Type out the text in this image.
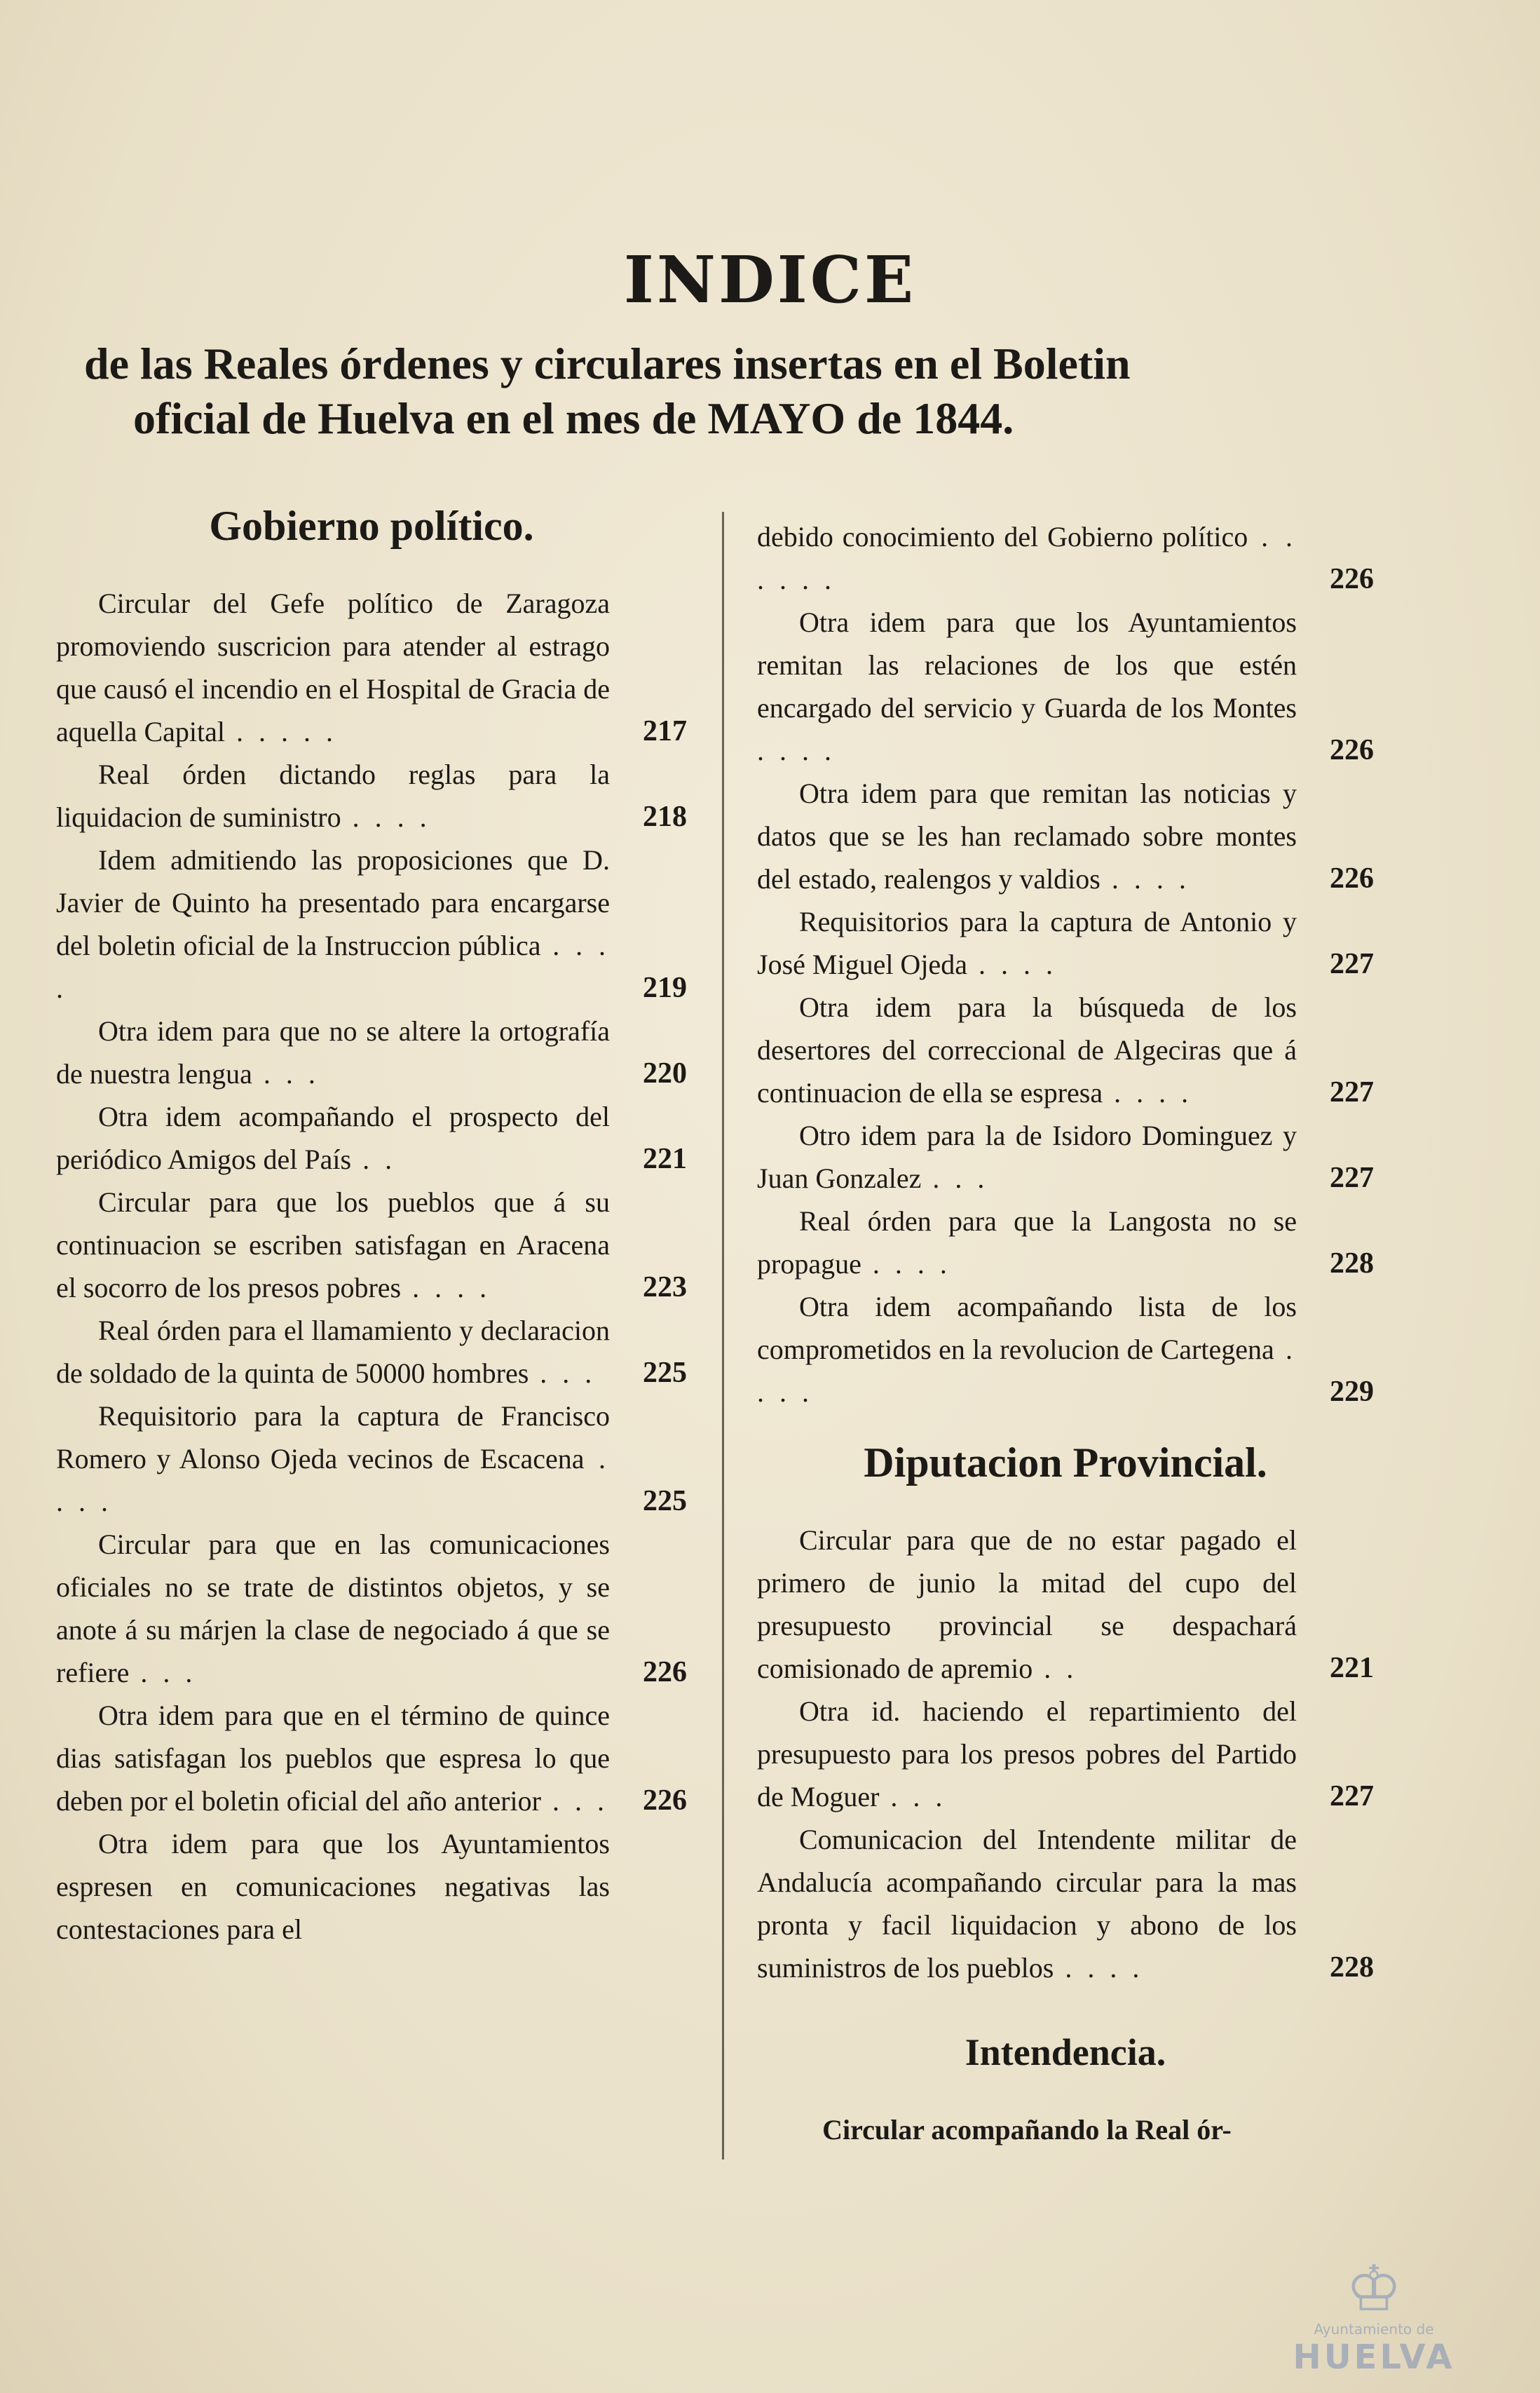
INDICE
de las Reales órdenes y circulares insertas en el Boletin
oficial de Huelva en el mes de MAYO de 1844.
Gobierno político.
Circular del Gefe político de Zaragoza promoviendo suscricion para atender al estrago que causó el incendio en el Hospital de Gracia de aquella Capital . . . . .	217
Real órden dictando reglas para la liquidacion de suministro . . . .	218
Idem admitiendo las proposiciones que D. Javier de Quinto ha presentado para encargarse del boletin oficial de la Instruccion pública . . . .	219
Otra idem para que no se altere la ortografía de nuestra lengua . . .	220
Otra idem acompañando el prospecto del periódico Amigos del País . .	221
Circular para que los pueblos que á su continuacion se escriben satisfagan en Aracena el socorro de los presos pobres . . . .	223
Real órden para el llamamiento y declaracion de soldado de la quinta de 50000 hombres . . .	225
Requisitorio para la captura de Francisco Romero y Alonso Ojeda vecinos de Escacena . . . .	225
Circular para que en las comunicaciones oficiales no se trate de distintos objetos, y se anote á su márjen la clase de negociado á que se refiere . . .	226
Otra idem para que en el término de quince dias satisfagan los pueblos que espresa lo que deben por el boletin oficial del año anterior . . .	226
Otra idem para que los Ayuntamientos espresen en comunicaciones negativas las contestaciones para el
debido conocimiento del Gobierno político . . . . . .	226
Otra idem para que los Ayuntamientos remitan las relaciones de los que estén encargado del servicio y Guarda de los Montes . . . .	226
Otra idem para que remitan las noticias y datos que se les han reclamado sobre montes del estado, realengos y valdios . . . .	226
Requisitorios para la captura de Antonio y José Miguel Ojeda . . . .	227
Otra idem para la búsqueda de los desertores del correccional de Algeciras que á continuacion de ella se espresa . . . .	227
Otro idem para la de Isidoro Dominguez y Juan Gonzalez . . .	227
Real órden para que la Langosta no se propague . . . .	228
Otra idem acompañando lista de los comprometidos en la revolucion de Cartegena . . . .	229
Diputacion Provincial.
Circular para que de no estar pagado el primero de junio la mitad del cupo del presupuesto provincial se despachará comisionado de apremio . .	221
Otra id. haciendo el repartimiento del presupuesto para los presos pobres del Partido de Moguer . . .	227
Comunicacion del Intendente militar de Andalucía acompañando circular para la mas pronta y facil liquidacion y abono de los suministros de los pueblos . . . .	228
Intendencia.
Circular acompañando la Real ór-
♔
Ayuntamiento de
HUELVA
